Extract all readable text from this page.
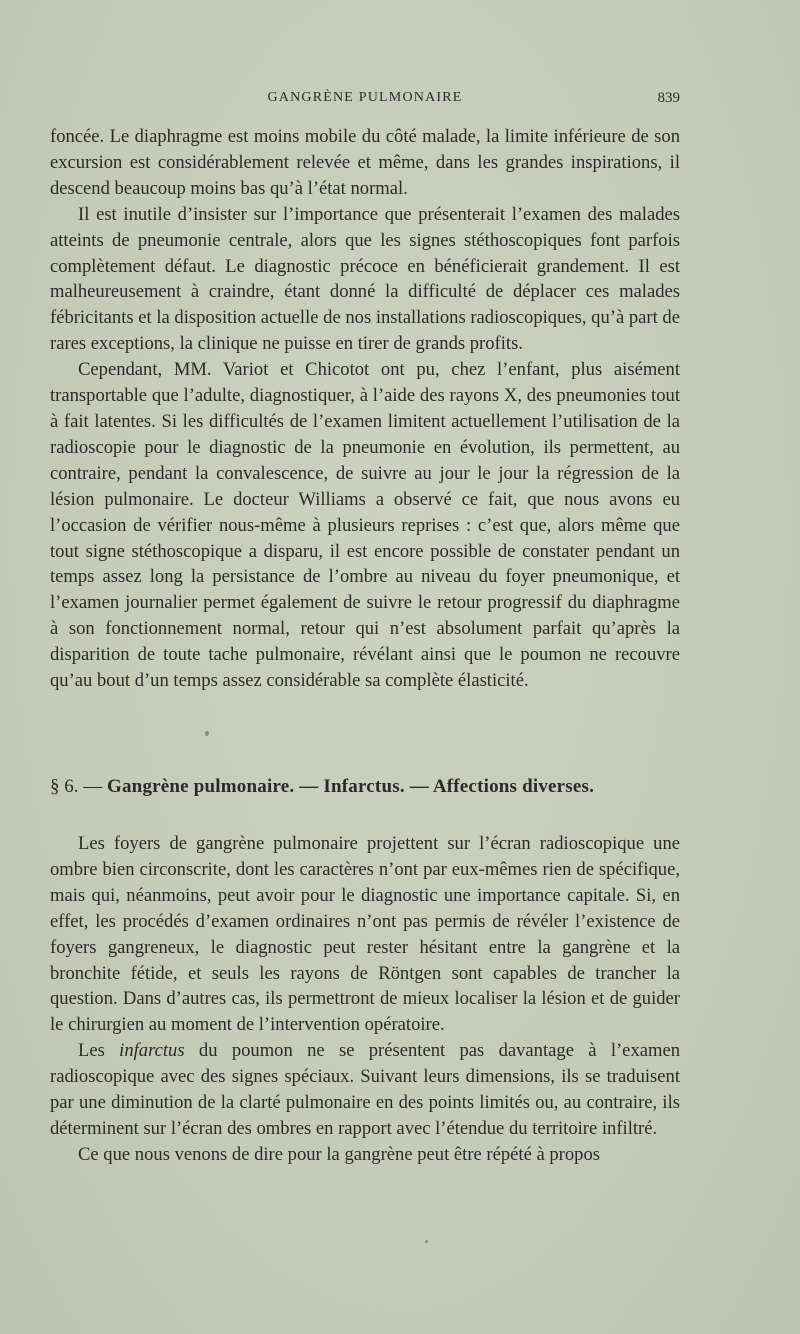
GANGRÈNE PULMONAIRE	839

foncée. Le diaphragme est moins mobile du côté malade, la limite inférieure de son excursion est considérablement relevée et même, dans les grandes inspirations, il descend beaucoup moins bas qu’à l’état normal.

Il est inutile d’insister sur l’importance que présenterait l’examen des malades atteints de pneumonie centrale, alors que les signes stéthoscopiques font parfois complètement défaut. Le diagnostic précoce en bénéficierait grandement. Il est malheureusement à craindre, étant donné la difficulté de déplacer ces malades fébricitants et la disposition actuelle de nos installations radioscopiques, qu’à part de rares exceptions, la clinique ne puisse en tirer de grands profits.

Cependant, MM. Variot et Chicotot ont pu, chez l’enfant, plus aisément transportable que l’adulte, diagnostiquer, à l’aide des rayons X, des pneumonies tout à fait latentes. Si les difficultés de l’examen limitent actuellement l’utilisation de la radioscopie pour le diagnostic de la pneumonie en évolution, ils permettent, au contraire, pendant la convalescence, de suivre au jour le jour la régression de la lésion pulmonaire. Le docteur Williams a observé ce fait, que nous avons eu l’occasion de vérifier nous-même à plusieurs reprises : c’est que, alors même que tout signe stéthoscopique a disparu, il est encore possible de constater pendant un temps assez long la persistance de l’ombre au niveau du foyer pneumonique, et l’examen journalier permet également de suivre le retour progressif du diaphragme à son fonctionnement normal, retour qui n’est absolument parfait qu’après la disparition de toute tache pulmonaire, révélant ainsi que le poumon ne recouvre qu’au bout d’un temps assez considérable sa complète élasticité.

§ 6. — Gangrène pulmonaire. — Infarctus. — Affections diverses.

Les foyers de gangrène pulmonaire projettent sur l’écran radioscopique une ombre bien circonscrite, dont les caractères n’ont par eux-mêmes rien de spécifique, mais qui, néanmoins, peut avoir pour le diagnostic une importance capitale. Si, en effet, les procédés d’examen ordinaires n’ont pas permis de révéler l’existence de foyers gangreneux, le diagnostic peut rester hésitant entre la gangrène et la bronchite fétide, et seuls les rayons de Röntgen sont capables de trancher la question. Dans d’autres cas, ils permettront de mieux localiser la lésion et de guider le chirurgien au moment de l’intervention opératoire.

Les infarctus du poumon ne se présentent pas davantage à l’examen radioscopique avec des signes spéciaux. Suivant leurs dimensions, ils se traduisent par une diminution de la clarté pulmonaire en des points limités ou, au contraire, ils déterminent sur l’écran des ombres en rapport avec l’étendue du territoire infiltré.

Ce que nous venons de dire pour la gangrène peut être répété à propos
